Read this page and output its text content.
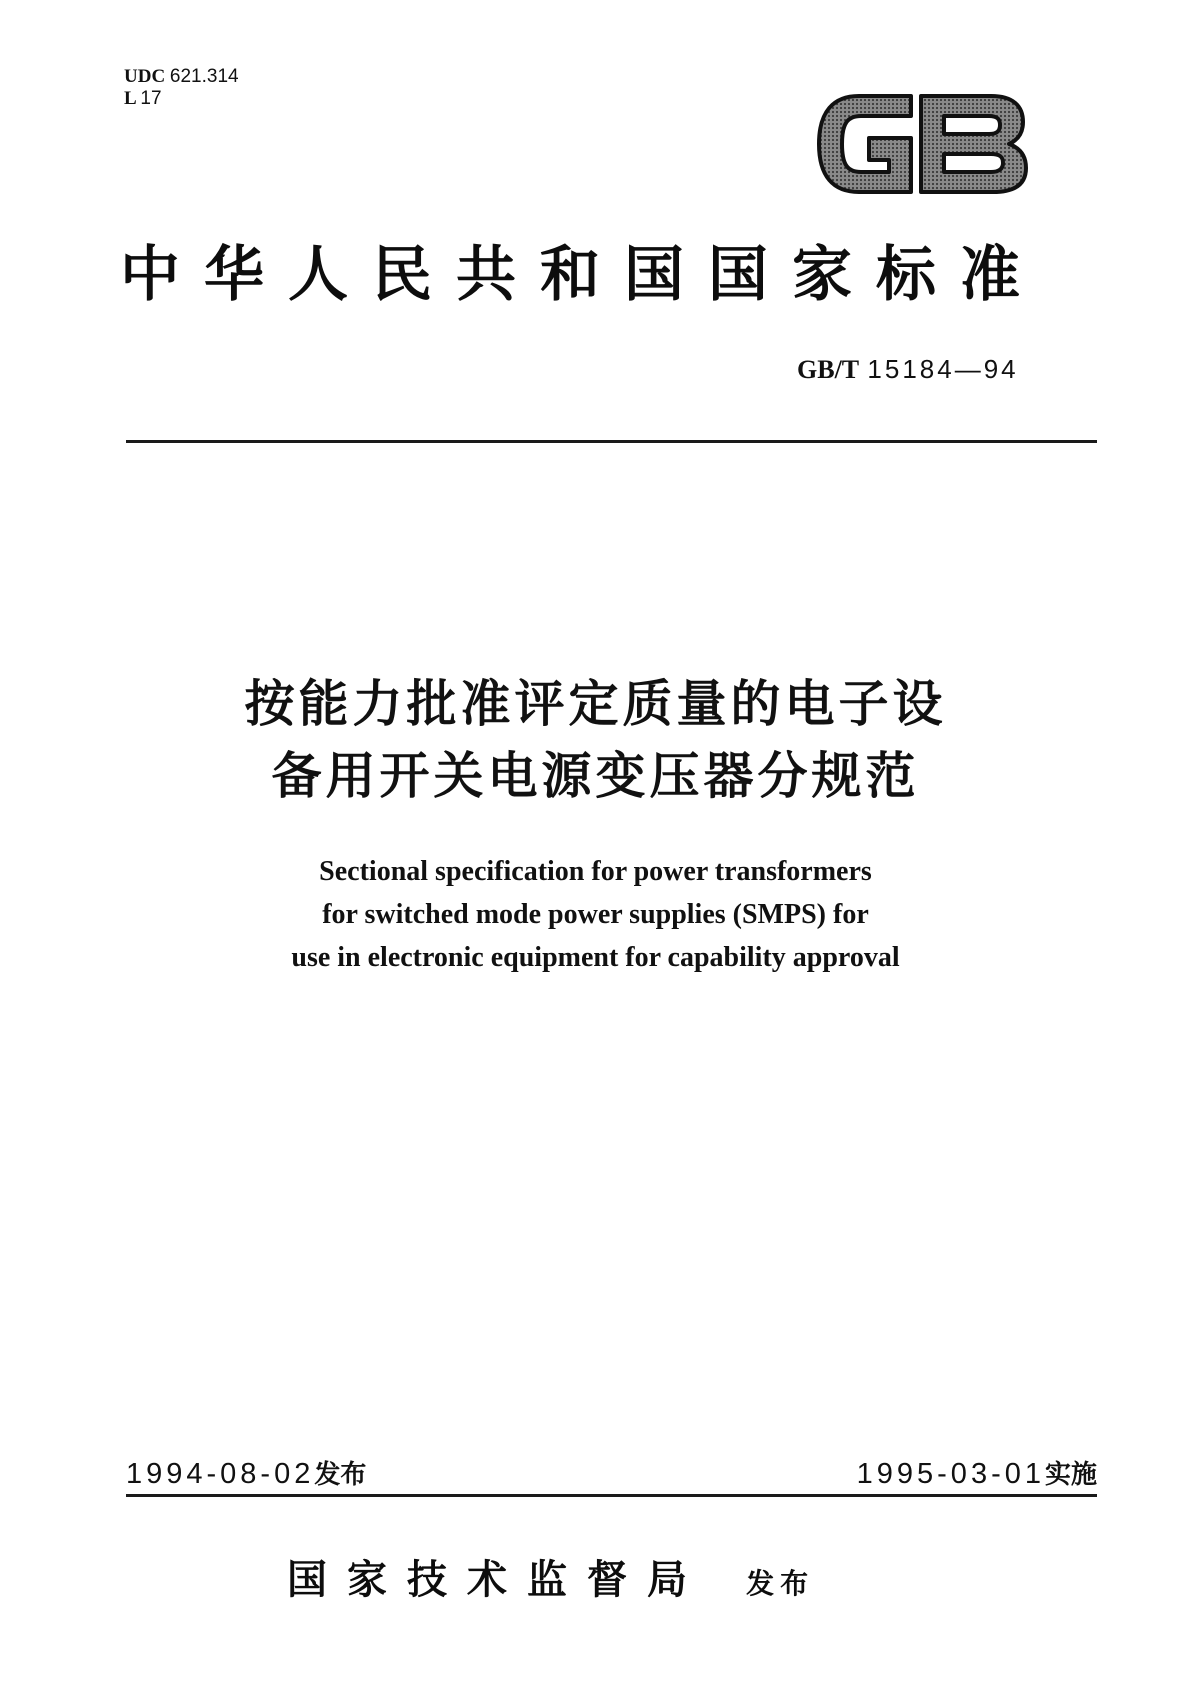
UDC 621.314
L 17
中华人民共和国国家标准
GB/T 15184—94
按能力批准评定质量的电子设
备用开关电源变压器分规范
Sectional specification for power transformers
for switched mode power supplies (SMPS) for
use in electronic equipment for capability approval
1994-08-02发布	1995-03-01实施
国家技术监督局 发布
